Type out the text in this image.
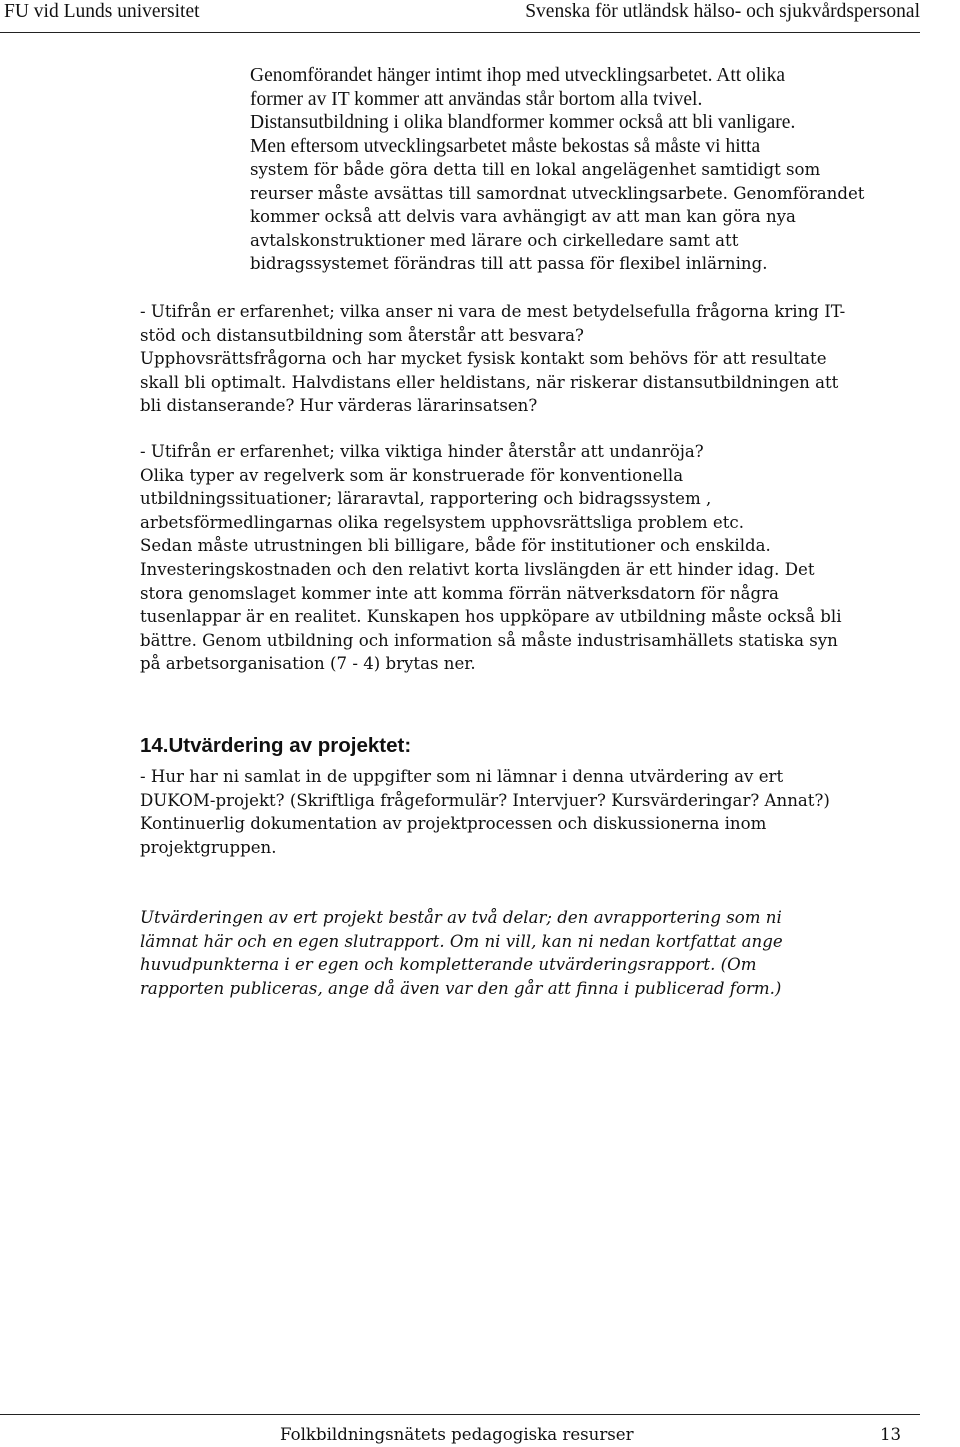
FU vid Lunds universitet	Svenska för utländsk hälso- och sjukvårdspersonal
Genomförandet hänger intimt ihop med utvecklingsarbetet. Att olika
former av IT kommer att användas står bortom alla tvivel.
Distansutbildning i olika blandformer kommer också att bli vanligare.
Men eftersom utvecklingsarbetet måste bekostas så måste vi hitta
system för både göra detta till en lokal angelägenhet samtidigt som
reurser måste avsättas till samordnat utvecklingsarbete. Genomförandet
kommer också att delvis vara avhängigt av att man kan göra nya
avtalskonstruktioner med lärare och cirkelledare samt att
bidragssystemet förändras till att passa för flexibel inlärning.
- Utifrån er erfarenhet; vilka anser ni vara de mest betydelsefulla frågorna kring IT-
stöd och distansutbildning som återstår att besvara?
Upphovsrättsfrågorna och har mycket fysisk kontakt som behövs för att resultate
skall bli optimalt. Halvdistans eller heldistans, när riskerar distansutbildningen att
bli distanserande? Hur värderas lärarinsatsen?
- Utifrån er erfarenhet; vilka viktiga hinder återstår att undanröja?
Olika typer av regelverk som är konstruerade för konventionella
utbildningssituationer; läraravtal, rapportering och bidragssystem ,
arbetsförmedlingarnas olika regelsystem upphovsrättsliga problem etc.
Sedan måste utrustningen bli billigare, både för institutioner och enskilda.
Investeringskostnaden och den relativt korta livslängden är ett hinder idag. Det
stora genomslaget kommer inte att komma förrän nätverksdatorn för några
tusenlappar är en realitet. Kunskapen hos uppköpare av utbildning måste också bli
bättre. Genom utbildning och information så måste industrisamhällets statiska syn
på arbetsorganisation (7 - 4) brytas ner.
14.Utvärdering av projektet:
- Hur har ni samlat in de uppgifter som ni lämnar i denna utvärdering av ert
DUKOM-projekt? (Skriftliga frågeformulär? Intervjuer? Kursvärderingar? Annat?)
Kontinuerlig dokumentation av projektprocessen och diskussionerna inom
projektgruppen.
Utvärderingen av ert projekt består av två delar; den avrapportering som ni
lämnat här och en egen slutrapport. Om ni vill, kan ni nedan kortfattat ange
huvudpunkterna i er egen och kompletterande utvärderingsrapport. (Om
rapporten publiceras, ange då även var den går att finna i publicerad form.)
Folkbildningsnätets pedagogiska resurser	13
